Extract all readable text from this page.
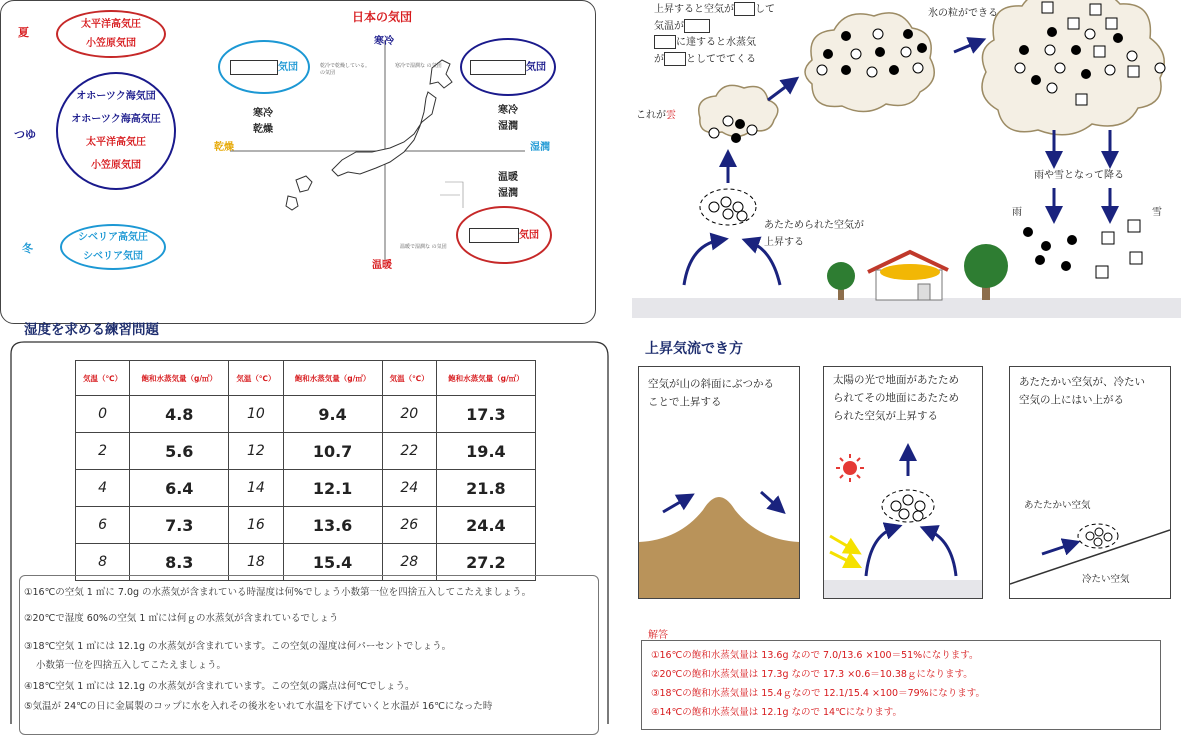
夏
つゆ
冬
太平洋高気圧
小笠原気団
オホーツク海気団
オホーツク海高気圧
太平洋高気圧
小笠原気団
シベリア高気圧
シベリア気団
日本の気団
寒冷
温暖
乾燥	湿潤
寒冷
乾燥
寒冷
湿潤
温暖
湿潤
気団	気団
気団
乾冷で乾燥している。
の気団
寒冷で湿潤な の気団
温暖で湿潤な の気団
湿度を求める練習問題
気温（℃）	飽和水蒸気量（g/㎥）	気温（℃）	飽和水蒸気量（g/㎥）	気温（℃）	飽和水蒸気量（g/㎥）
0	4.8	10	9.4	20	17.3
2	5.6	12	10.7	22	19.4
4	6.4	14	12.1	24	21.8
6	7.3	16	13.6	26	24.4
8	8.3	18	15.4	28	27.2
①16℃の空気 1 ㎥に 7.0g の水蒸気が含まれている時湿度は何%でしょう小数第一位を四捨五入してこたえましょう。
②20℃で湿度 60%の空気 1 ㎥には何ｇの水蒸気が含まれているでしょう
③18℃空気 1 ㎥には 12.1g の水蒸気が含まれています。この空気の湿度は何パーセントでしょう。
小数第一位を四捨五入してこたえましょう。
④18℃空気 1 ㎥には 12.1g の水蒸気が含まれています。この空気の露点は何℃でしょう。
⑤気温が 24℃の日に金属製のコップに水を入れその後氷をいれて水温を下げていくと水温が 16℃になった時
上昇すると空気が して
気温が
に達すると水蒸気
が としてでてくる
これが雲
氷の粒ができる
雨や雪となって降る
雨	雪
あたためられた空気が
上昇する
上昇気流でき方
空気が山の斜面にぶつかる
ことで上昇する
太陽の光で地面があたため
られてその地面にあたため
られた空気が上昇する
あたたかい空気が、冷たい
空気の上にはい上がる
あたたかい空気
冷たい空気
解答
①16℃の飽和水蒸気量は 13.6g なので 7.0/13.6 ×100＝51%になります。
②20℃の飽和水蒸気量は 17.3g なので 17.3 ×0.6＝10.38ｇになります。
③18℃の飽和水蒸気量は 15.4ｇなので 12.1/15.4 ×100＝79%になります。
④14℃の飽和水蒸気量は 12.1g なので 14℃になります。
